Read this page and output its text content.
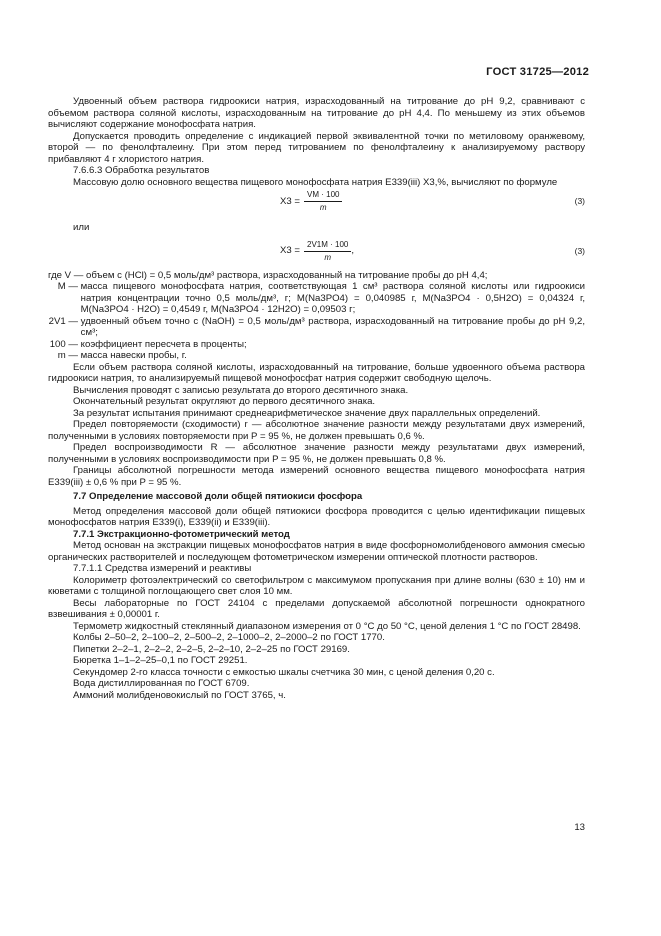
ГОСТ 31725—2012

Удвоенный объем раствора гидроокиси натрия, израсходованный на титрование до pH 9,2, сравнивают с объемом раствора соляной кислоты, израсходованным на титрование до pH 4,4. По меньшему из этих объемов вычисляют содержание монофосфата натрия.

Допускается проводить определение с индикацией первой эквивалентной точки по метиловому оранжевому, второй — по фенолфталеину. При этом перед титрованием по фенолфталеину к анализируемому раствору прибавляют 4 г хлористого натрия.

7.6.6.3 Обработка результатов

Массовую долю основного вещества пищевого монофосфата натрия Е339(iii) X3,%, вычисляют по формуле

$X3 = \frac{VM \cdot 100}{m}$	(3)

или

$X3 = \frac{2V1M \cdot 100}{m}$ ,	(3)
где V —
объем c (HCl) = 0,5 моль/дм³ раствора, израсходованный на титрование пробы до pH 4,4;
M —
масса пищевого монофосфата натрия, соответствующая 1 см³ раствора соляной кислоты или гидроокиси натрия концентрации точно 0,5 моль/дм³, г; M(Na3PO4) = 0,040985 г, M(Na3PO4 · 0,5H2O) = 0,04324 г, M(Na3PO4 · H2O) = 0,4549 г, M(Na3PO4 · 12H2O) = 0,09503 г;
2V1 —
удвоенный объем точно c (NaOH) = 0,5 моль/дм³ раствора, израсходованный на титрование пробы до pH 9,2, см³;
100 —
коэффициент пересчета в проценты;
m —
масса навески пробы, г.

Если объем раствора соляной кислоты, израсходованный на титрование, больше удвоенного объема раствора гидроокиси натрия, то анализируемый пищевой монофосфат натрия содержит свободную щелочь.

Вычисления проводят с записью результата до второго десятичного знака.

Окончательный результат округляют до первого десятичного знака.

За результат испытания принимают среднеарифметическое значение двух параллельных определений.

Предел повторяемости (сходимости) r — абсолютное значение разности между результатами двух измерений, полученными в условиях повторяемости при P = 95 %, не должен превышать 0,6 %.

Предел воспроизводимости R — абсолютное значение разности между результатами двух измерений, полученными в условиях воспроизводимости при P = 95 %, не должен превышать 0,8 %.

Границы абсолютной погрешности метода измерений основного вещества пищевого монофосфата натрия Е339(iii) ± 0,6 % при P = 95 %.

7.7 Определение массовой доли общей пятиокиси фосфора

Метод определения массовой доли общей пятиокиси фосфора проводится с целью идентификации пищевых монофосфатов натрия Е339(i), Е339(ii) и Е339(iii).

7.7.1 Экстракционно-фотометрический метод

Метод основан на экстракции пищевых монофосфатов натрия в виде фосфорномолибденового аммония смесью органических растворителей и последующем фотометрическом измерении оптической плотности растворов.

7.7.1.1 Средства измерений и реактивы

Колориметр фотоэлектрический со светофильтром с максимумом пропускания при длине волны (630 ± 10) нм и кюветами с толщиной поглощающего свет слоя 10 мм.

Весы лабораторные по ГОСТ 24104 с пределами допускаемой абсолютной погрешности однократного взвешивания ± 0,00001 г.

Термометр жидкостный стеклянный диапазоном измерения от 0 °C до 50 °C, ценой деления 1 °C по ГОСТ 28498.

Колбы 2–50–2, 2–100–2, 2–500–2, 2–1000–2, 2–2000–2 по ГОСТ 1770.

Пипетки 2–2–1, 2–2–2, 2–2–5, 2–2–10, 2–2–25 по ГОСТ 29169.

Бюретка 1–1–2–25–0,1 по ГОСТ 29251.

Секундомер 2-го класса точности с емкостью шкалы счетчика 30 мин, с ценой деления 0,20 с.

Вода дистиллированная по ГОСТ 6709.

Аммоний молибденовокислый по ГОСТ 3765, ч.

13
